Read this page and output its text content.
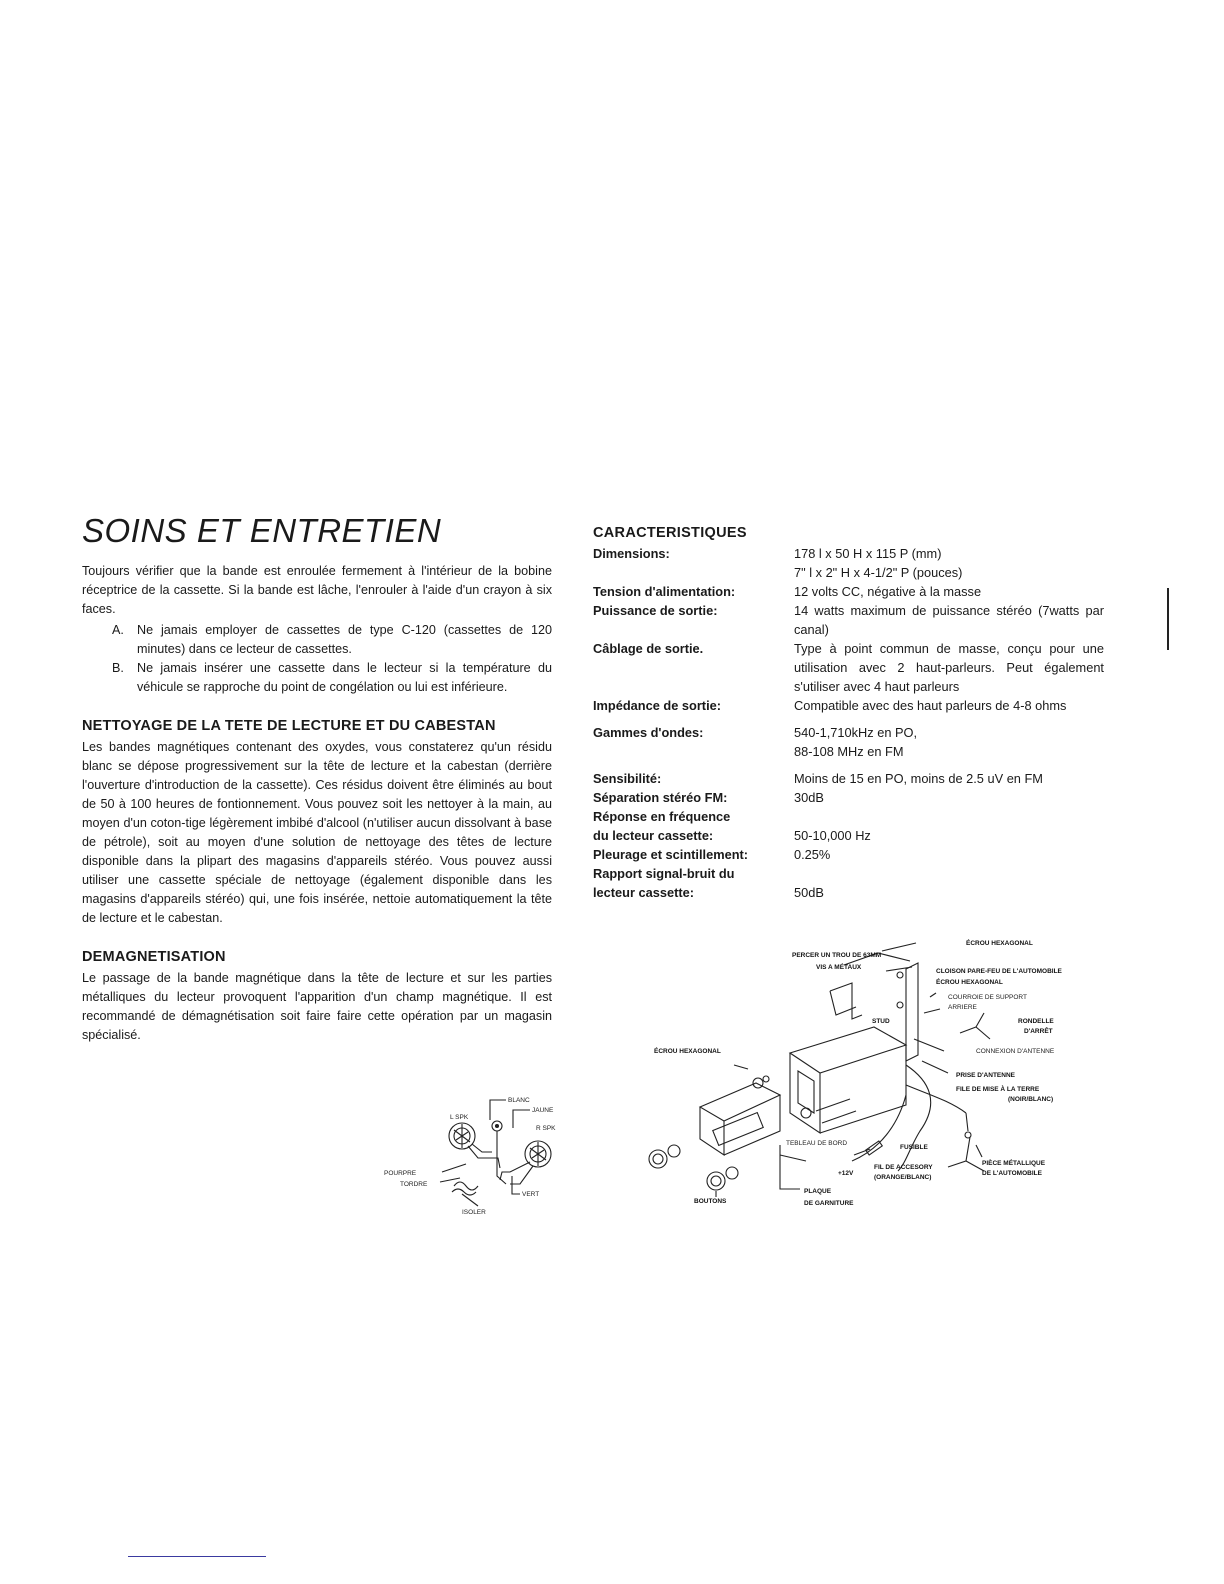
SOINS ET ENTRETIEN

Toujours vérifier que la bande est enroulée fermement à l'intérieur de la bobine réceptrice de la cassette. Si la bande est lâche, l'enrouler à l'aide d'un crayon à six faces.

A.	Ne jamais employer de cassettes de type C-120 (cassettes de 120 minutes) dans ce lecteur de cassettes.
B.	Ne jamais insérer une cassette dans le lecteur si la température du véhicule se rapproche du point de congélation ou lui est inférieure.
NETTOYAGE DE LA TETE DE LECTURE ET DU CABESTAN

Les bandes magnétiques contenant des oxydes, vous constaterez qu'un résidu blanc se dépose progressivement sur la tête de lecture et la cabestan (derrière l'ouverture d'introduction de la cassette). Ces résidus doivent être éliminés au bout de 50 à 100 heures de fontionnement. Vous pouvez soit les nettoyer à la main, au moyen d'un coton-tige légèrement imbibé d'alcool (n'utiliser aucun dissolvant à base de pétrole), soit au moyen d'une solution de nettoyage des têtes de lecture disponible dans la plipart des magasins d'appareils stéréo. Vous pouvez aussi utiliser une cassette spéciale de nettoyage (également disponible dans les magasins d'appareils stéréo) qui, une fois insérée, nettoie automatiquement la tête de lecture et le cabestan.

DEMAGNETISATION

Le passage de la bande magnétique dans la tête de lecture et sur les parties métalliques du lecteur provoquent l'apparition d'un champ magnétique. Il est recommandé de démagnétisation soit faire faire cette opération par un magasin spécialisé.

CARACTERISTIQUES
Dimensions:	178 l x 50 H x 115 P (mm)
	7" l x 2" H x 4-1/2" P (pouces)
Tension d'alimentation:	12 volts CC, négative à la masse
Puissance de sortie:	14 watts maximum de puissance stéréo (7watts par canal)
Câblage de sortie.	Type à point commun de masse, conçu pour une utilisation avec 2 haut-parleurs. Peut également s'utiliser avec 4 haut parleurs
Impédance de sortie:	Compatible avec des haut parleurs de 4-8 ohms
Gammes d'ondes:	540-1,710kHz en PO,
	88-108 MHz en FM
Sensibilité:	Moins de 15 en PO, moins de 2.5 uV en FM
Séparation stéréo FM:	30dB
Réponse en fréquence	
du lecteur cassette:	50-10,000 Hz
Pleurage et scintillement:	0.25%
Rapport signal-bruit du	
lecteur cassette:	50dB
BLANC
L SPK
JAUNE
R SPK
POURPRE
TORDRE
VERT
ISOLER
PERCER UN TROU DE 63MM
VIS A MÉTAUX
ÉCROU HEXAGONAL
CLOISON PARE-FEU DE L'AUTOMOBILE
ÉCROU HEXAGONAL
COURROIE DE SUPPORT
ARRIERE
STUD	RONDELLE
D'ARRÊT
CONNEXION D'ANTENNE
ÉCROU HEXAGONAL
PRISE D'ANTENNE
FILE DE MISE À LA TERRE
(NOIR/BLANC)
TEBLEAU DE BORD
FUSIBLE
+12V
FIL DE ACCESORY
(ORANGE/BLANC)
PIÈCE MÉTALLIQUE
DE L'AUTOMOBILE
BOUTONS
PLAQUE
DE GARNITURE
